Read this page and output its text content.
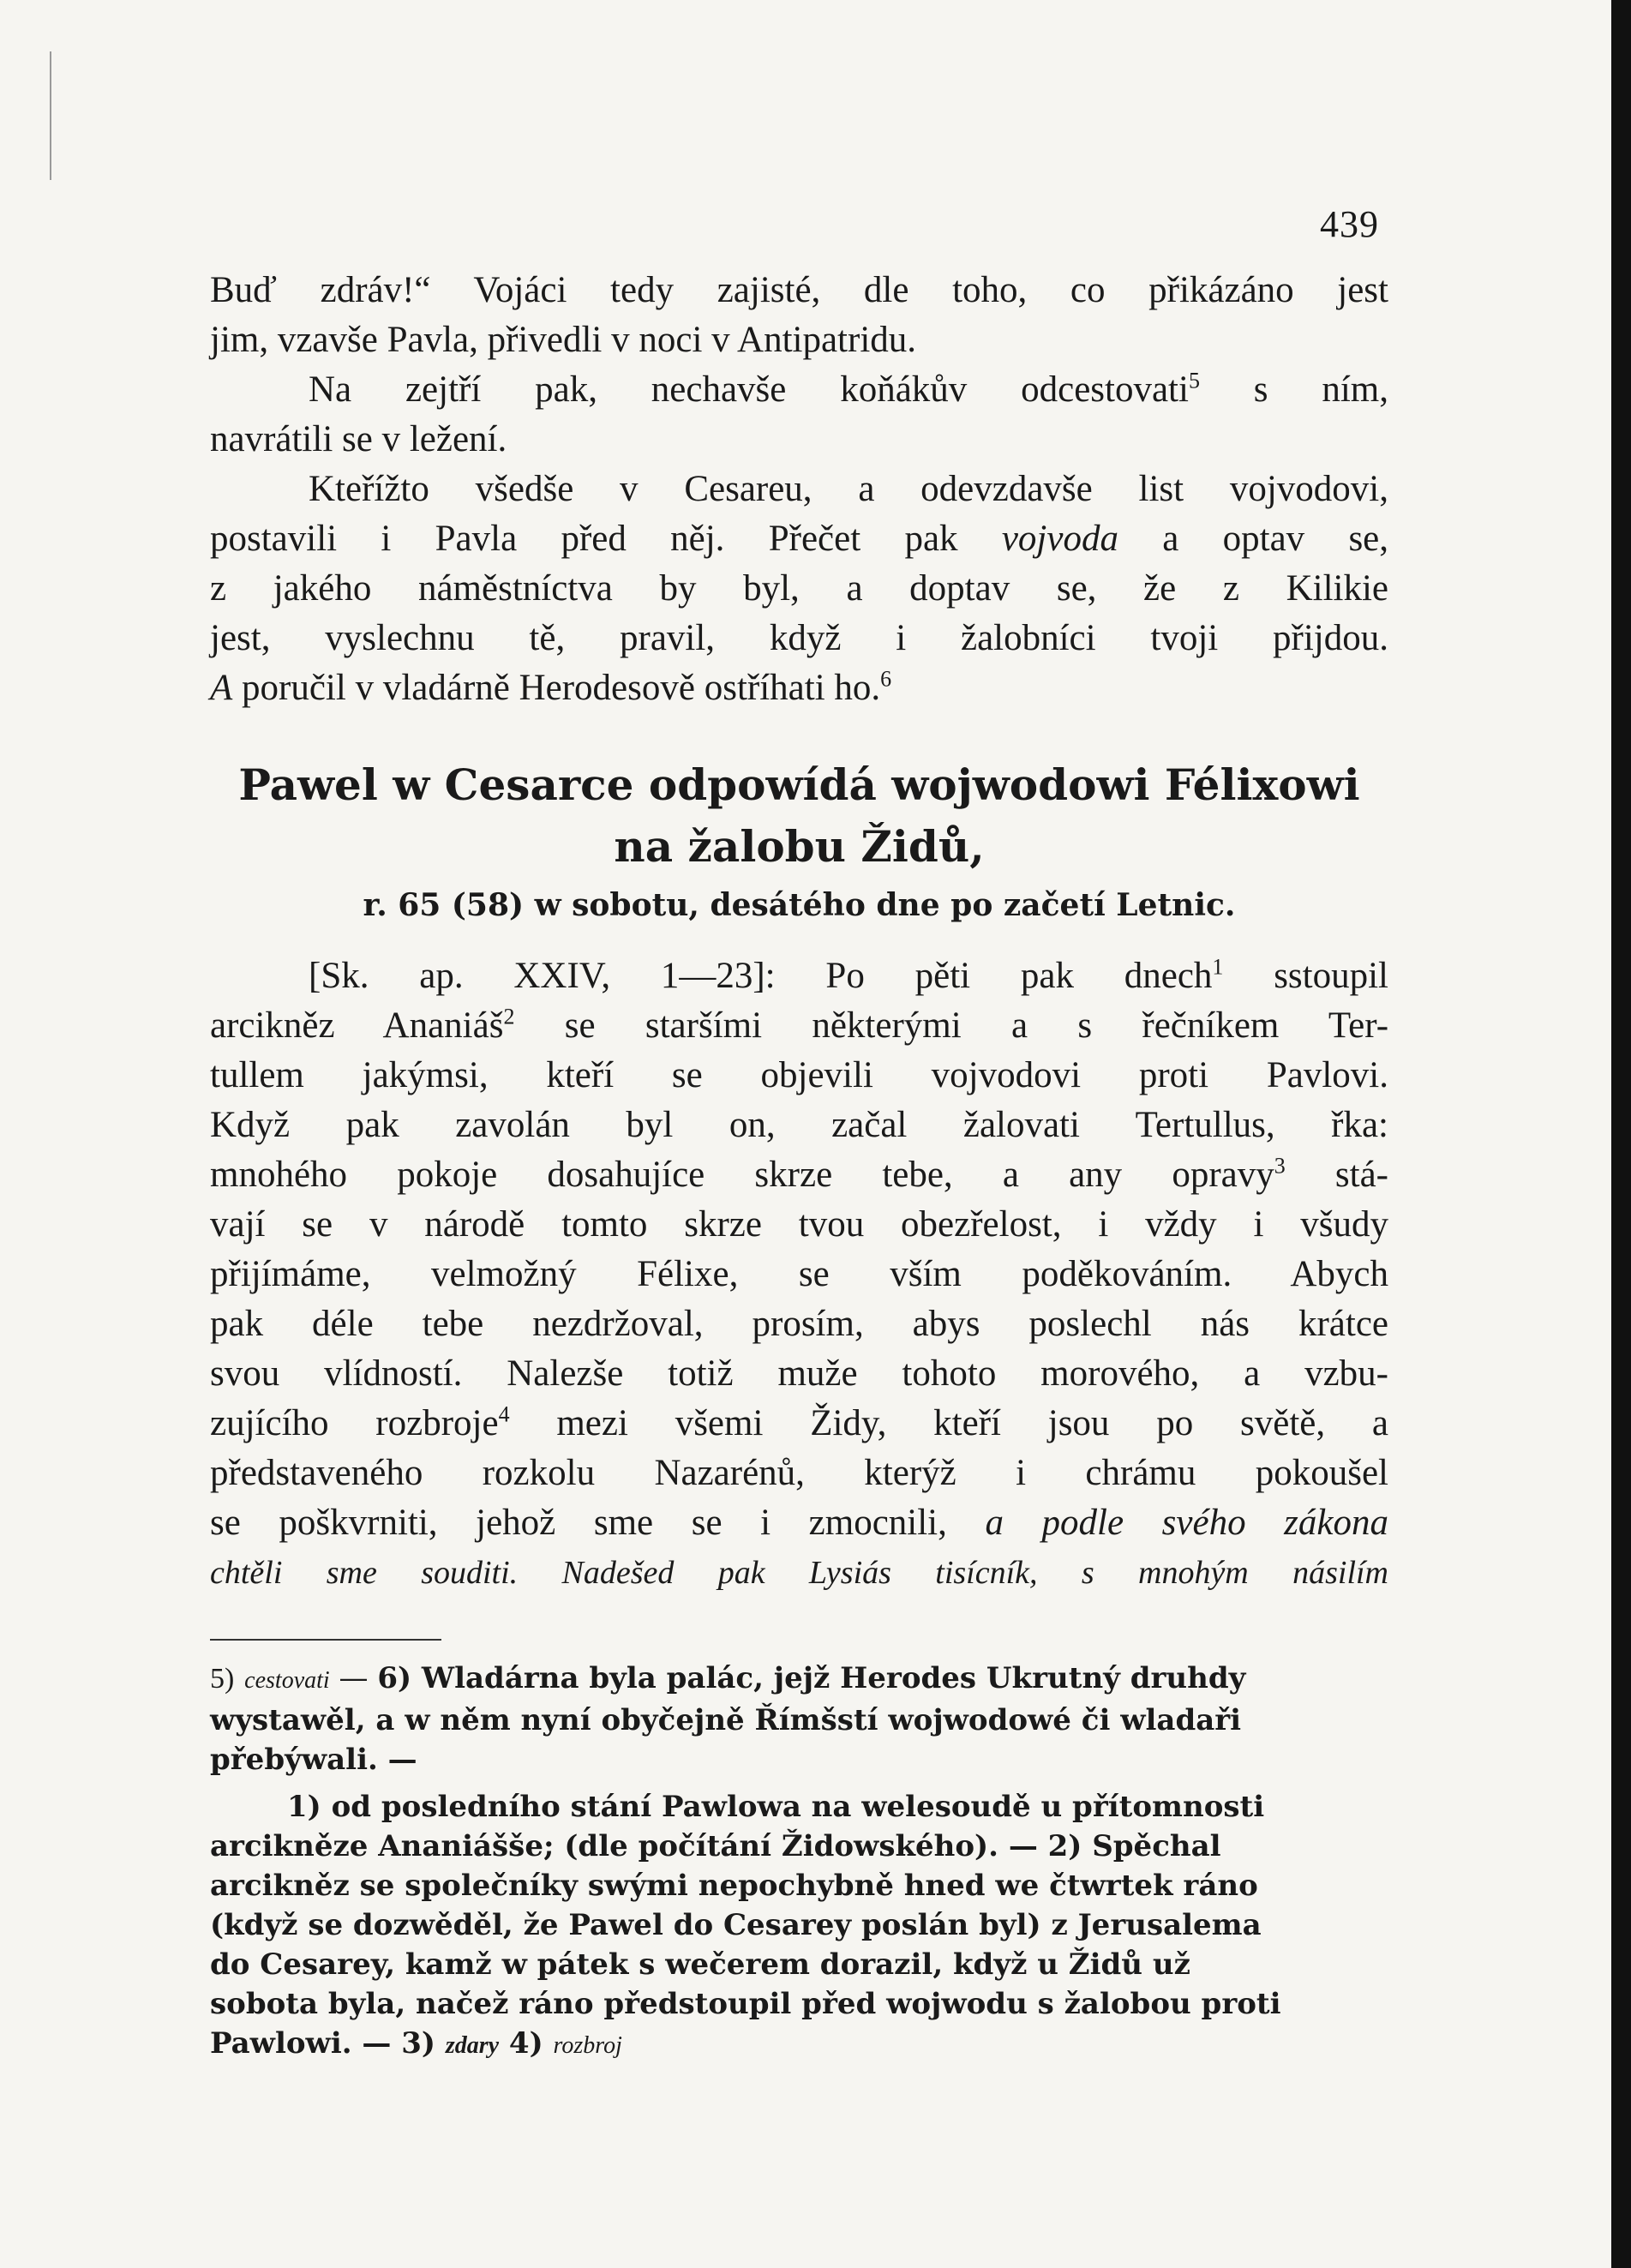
439
Buď zdráv!“ Vojáci tedy zajisté, dle toho, co přikázáno jest
jim, vzavše Pavla, přivedli v noci v Antipatridu.
Na zejtří pak, nechavše koňákův odcestovati$^5$ s ním,
navrátili se v ležení.
Kteřížto všedše v Cesareu, a odevzdavše list vojvodovi,
postavili i Pavla před něj. Přečet pak vojvoda a optav se,
z jakého náměstníctva by byl, a doptav se, že z Kilikie
jest, vyslechnu tě, pravil, když i žalobníci tvoji přijdou.
A poručil v vladárně Herodesově ostříhati ho.$^6$
Pawel w Cesarce odpowídá wojwodowi Félixowi
na žalobu Židů,
r. 65 (58) w sobotu, desátého dne po začetí Letnic.
[Sk. ap. XXIV, 1—23]: Po pěti pak dnech$^1$ sstoupil
arcikněz Ananiáš$^2$ se staršími některými a s řečníkem Ter-
tullem jakýmsi, kteří se objevili vojvodovi proti Pavlovi.
Když pak zavolán byl on, začal žalovati Tertullus, řka:
mnohého pokoje dosahujíce skrze tebe, a any opravy$^3$ stá-
vají se v národě tomto skrze tvou obezřelost, i vždy i všudy
přijímáme, velmožný Félixe, se vším poděkováním. Abych
pak déle tebe nezdržoval, prosím, abys poslechl nás krátce
svou vlídností. Nalezše totiž muže tohoto morového, a vzbu-
zujícího rozbroje$^4$ mezi všemi Židy, kteří jsou po světě, a
představeného rozkolu Nazarénů, kterýž i chrámu pokoušel
se poškvrniti, jehož sme se i zmocnili, a podle svého zákona
chtěli sme souditi. Nadešed pak Lysiás tisícník, s mnohým násilím
5) cestovati — 6) Wladárna byla palác, jejž Herodes Ukrutný druhdy
wystawěl, a w něm nyní obyčejně Římšstí wojwodowé či wladaři
přebýwali. —
1) od posledního stání Pawlowa na welesoudě u přítomnosti
arcikněze Ananiášše; (dle počítání Židowského). — 2) Spěchal
arcikněz se společníky swými nepochybně hned we čtwrtek ráno
(když se dozwěděl, že Pawel do Cesarey poslán byl) z Jerusalema
do Cesarey, kamž w pátek s wečerem dorazil, když u Židů už
sobota byla, načež ráno předstoupil před wojwodu s žalobou proti
Pawlowi. — 3) zdary 4) rozbroj
